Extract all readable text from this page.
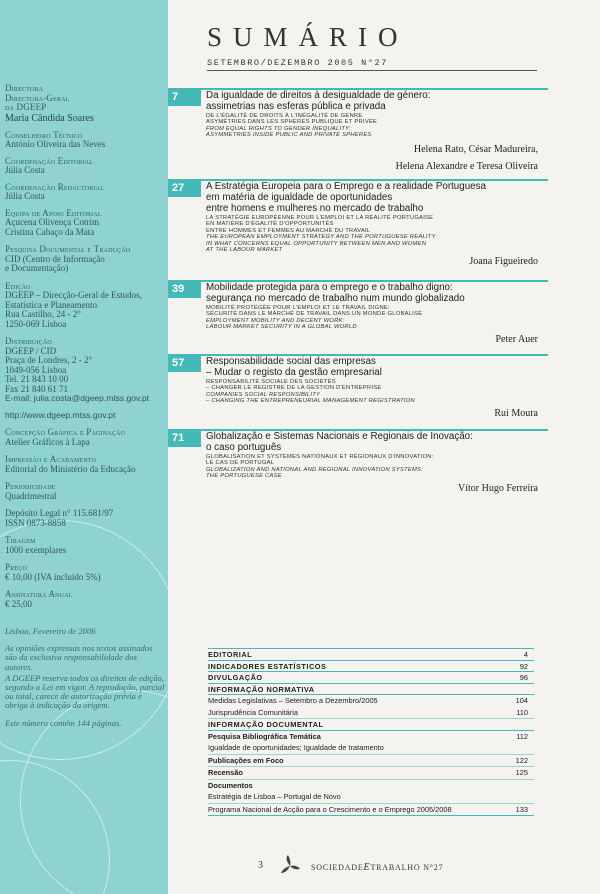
Directora
Directora-Geral
da DGEEP
Maria Cândida Soares
Conselheiro Técnico
António Oliveira das Neves
Coordenação Editorial
Júlia Costa
Coordenação Redactorial
Júlia Costa
Equipa de Apoio Editorial
Açucena Olivença Cotrim
Cristina Cabaço da Mata
Pesquisa Documental e Tradução
CID (Centro de Informação
e Documentação)
Edição
DGEEP – Direcção-Geral de Estudos,
Estatística e Planeamento
Rua Castilho, 24 - 2°
1250-069 Lisboa
Distribuição
DGEEP / CID
Praça de Londres, 2 - 2°
1049-056 Lisboa
Tel. 21 843 10 00
Fax 21 840 61 71
E-mail: julia.costa@dgeep.mtss.gov.pt
http://www.dgeep.mtss.gov.pt
Concepção Gráfica e Paginação
Atelier Gráficos à Lapa
Impressão e Acabamento
Editorial do Ministério da Educação
Periodicidade
Quadrimestral
Depósito Legal n° 115.681/97
ISSN 0873-8858
Tiragem
1000 exemplares
Preço
€ 10,00 (IVA incluído 5%)
Assinatura Anual
€ 25,00
Lisboa, Fevereiro de 2006
As opiniões expressas nos textos assinados são da exclusiva responsabilidade dos autores.
A DGEEP reserva todos os direitos de edição, segundo a Lei em vigor. A reprodução, parcial ou total, carece de autorização prévia e obriga à indicação da origem.
Este número contém 144 páginas.
SUMÁRIO
SETEMBRO/DEZEMBRO 2005 N°27
7	Da igualdade de direitos à desigualdade de género:
assimetrias nas esferas pública e privada
DE L'ÉGALITÉ DE DROITS À L'INÉGALITÉ DE GENRE
ASYMÉTRIES DANS LES SPHÈRES PUBLIQUE ET PRIVÉE
FROM EQUAL RIGHTS TO GENDER INEQUALITY:
ASYMMETRIES INSIDE PUBLIC AND PRIVATE SPHERES
Helena Rato, César Madureira,
Helena Alexandre e Teresa Oliveira
27	A Estratégia Europeia para o Emprego e a realidade Portuguesa
em matéria de igualdade de oportunidades
entre homens e mulheres no mercado de trabalho
LA STRATÉGIE EUROPÉENNE POUR L'EMPLOI ET LA RÉALITÉ PORTUGAISE
EN MATIÈRE D'ÉGALITÉ D'OPPORTUNITÉS
ENTRE HOMMES ET FEMMES AU MARCHÉ DU TRAVAIL
THE EUROPEAN EMPLOYMENT STRATEGY AND THE PORTUGUESE REALITY
IN WHAT CONCERNS EQUAL OPPORTUNITY BETWEEN MEN AND WOMEN
AT THE LABOUR MARKET
Joana Figueiredo
39	Mobilidade protegida para o emprego e o trabalho digno:
segurança no mercado de trabalho num mundo globalizado
MOBILITÉ PROTÉGÉE POUR L'EMPLOI ET LE TRAVAIL DIGNE:
SÉCURITÉ DANS LE MARCHÉ DE TRAVAIL DANS UN MONDE GLOBALISÉ
EMPLOYMENT MOBILITY AND DECENT WORK:
LABOUR MARKET SECURITY IN A GLOBAL WORLD
Peter Auer
57	Responsabilidade social das empresas
– Mudar o registo da gestão empresarial
RESPONSABILITÉ SOCIALE DES SOCIÉTÉS
– CHANGER LE REGISTRE DE LA GESTION D'ENTREPRISE
COMPANIES SOCIAL RESPONSIBILITY
– CHANGING THE ENTREPRENEURIAL MANAGEMENT REGISTRATION
Rui Moura
71	Globalização e Sistemas Nacionais e Regionais de Inovação:
o caso português
GLOBALISATION ET SYSTÈMES NATIONAUX ET RÉGIONAUX D'INNOVATION:
LE CAS DE PORTUGAL
GLOBALIZATION AND NATIONAL AND REGIONAL INNOVATION SYSTEMS:
THE PORTUGUESE CASE
Vítor Hugo Ferreira
EDITORIAL	4
INDICADORES ESTATÍSTICOS	92
DIVULGAÇÃO	96
INFORMAÇÃO NORMATIVA
Medidas Legislativas – Setembro a Dezembro/2005	104
Jurisprudência Comunitária	110
INFORMAÇÃO DOCUMENTAL
Pesquisa Bibliográfica Temática	112
Igualdade de oportunidades; Igualdade de tratamento
Publicações em Foco	122
Recensão	125
Documentos
Estratégia de Lisboa – Portugal de Novo
Programa Nacional de Acção para o Crescimento e o Emprego 2005/2008	133
3	SOCIEDADEETRABALHO N°27
